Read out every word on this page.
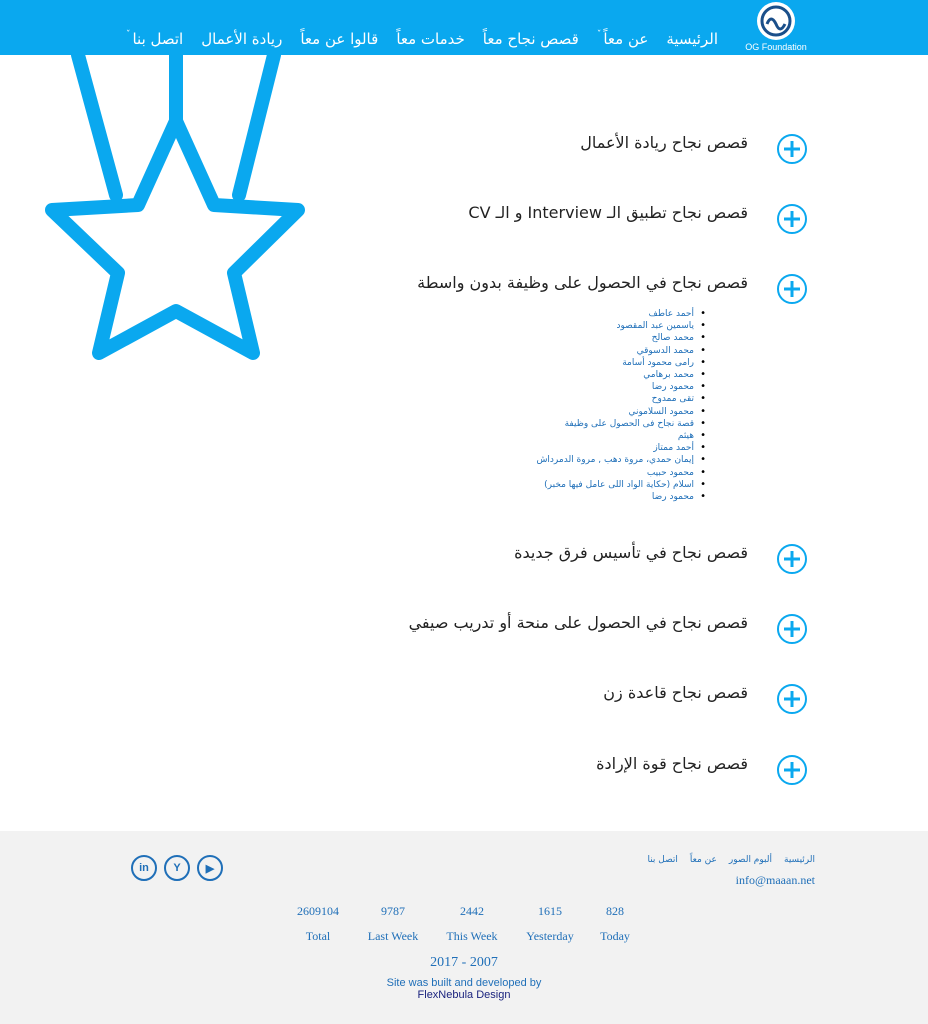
OG Foundation
الرئيسية
عن معاً$^ˇ$
قصص نجاح معاً
خدمات معاً
قالوا عن معاً
ريادة الأعمال
اتصل بنا$^ˇ$
قصص نجاح ريادة الأعمال
قصص نجاح تطبيق الـ Interview و الـ CV
قصص نجاح في الحصول على وظيفة بدون واسطة
• أحمد عاطف
• ياسمين عبد المقصود
• محمد صالح
• محمد الدسوقي
• رامى محمود أسامة
• محمد برهامي
• محمود رضا
• تقى ممدوح
• محمود السلاموني
• قصة نجاح فى الحصول على وظيفة
• هيثم
• أحمد ممتاز
• إيمان حمدي، مروة دهب , مروة الدمرداش
• محمود حبيب
• اسلام (حكاية الواد اللى عامل فيها مخبر)
• محمود رضا
قصص نجاح في تأسيس فرق جديدة
قصص نجاح في الحصول على منحة أو تدريب صيفي
قصص نجاح قاعدة زن
قصص نجاح قوة الإرادة
in	Y	▶
الرئيسية
ألبوم الصور
عن معاً
اتصل بنا
info@maaan.net
828
Today
1615
Yesterday
2442
This Week
9787
Last Week
2609104
Total
2017 - 2007
Site was built and developed by
FlexNebula Design
